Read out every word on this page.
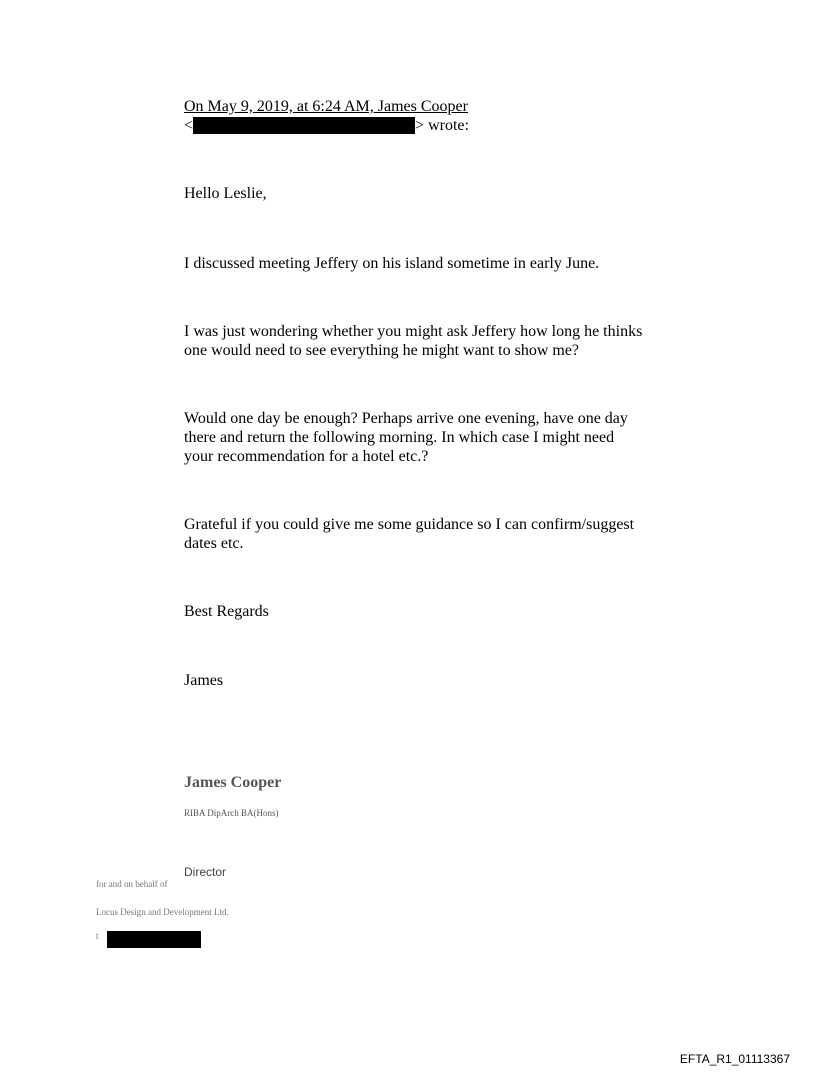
On May 9, 2019, at 6:24 AM, James Cooper
<	> wrote:
Hello Leslie,
I discussed meeting Jeffery on his island sometime in early June.
I was just wondering whether you might ask Jeffery how long he thinks one would need to see everything he might want to show me?
Would one day be enough? Perhaps arrive one evening, have one day there and return the following morning. In which case I might need your recommendation for a hotel etc.?
Grateful if you could give me some guidance so I can confirm/suggest dates etc.
Best Regards
James
James Cooper
RIBA DipArch BA(Hons)
Director
for and on behalf of
Locus Design and Development Ltd.
t
EFTA_R1_01113367
